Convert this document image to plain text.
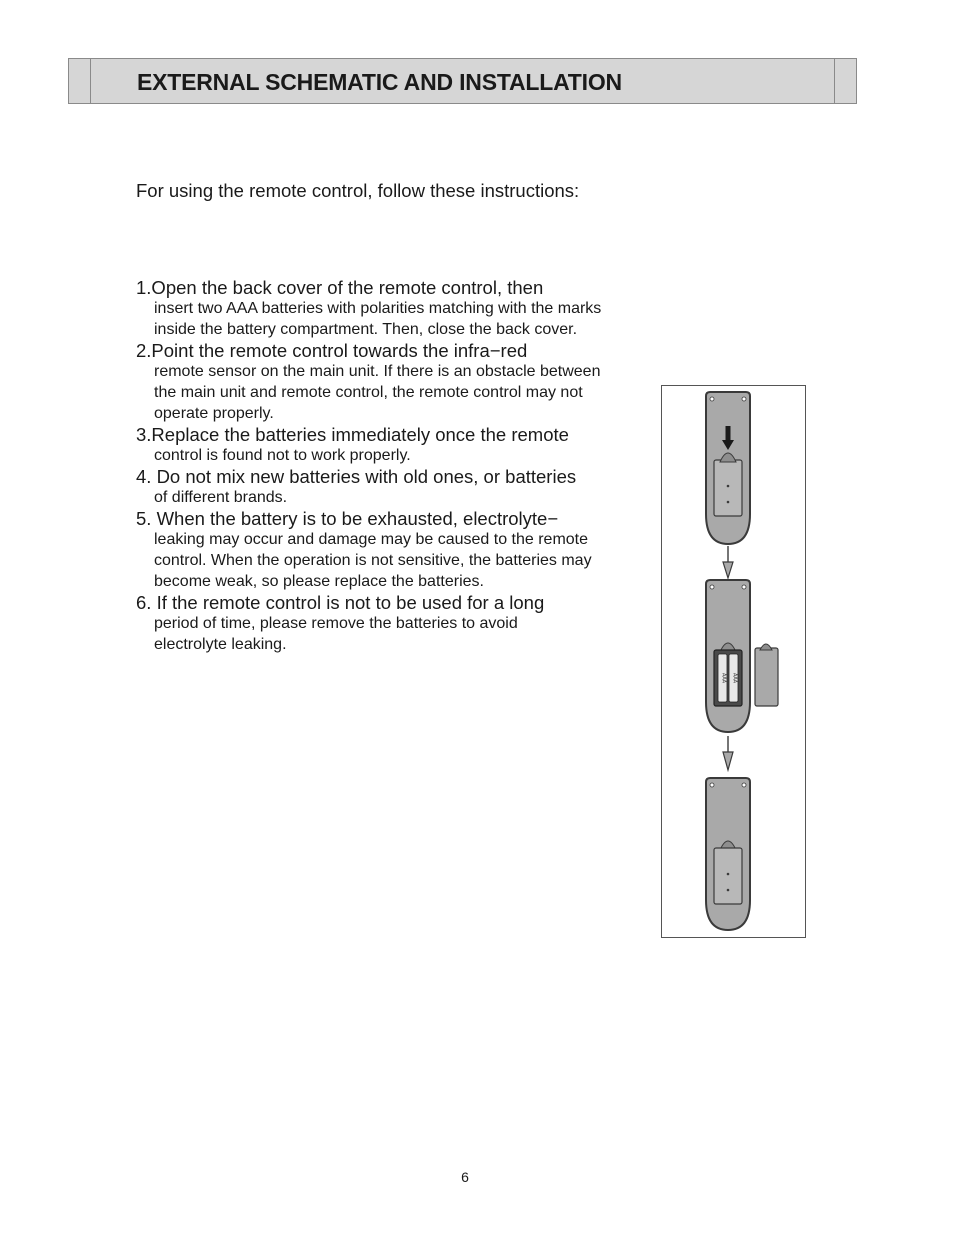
EXTERNAL SCHEMATIC AND INSTALLATION

For using the remote control, follow these instructions:

1.Open the back cover of the remote control, then
insert two AAA batteries with polarities matching with the marks inside the battery compartment. Then, close the back cover.
2.Point the remote control towards the infra−red
remote sensor on the main unit. If there is an obstacle between the main unit and remote control, the remote control may not operate properly.
3.Replace the batteries immediately once the remote
control is found not to work properly.
4. Do not mix new batteries with old ones, or batteries
of different brands.
5. When the battery is to be exhausted, electrolyte−
leaking may occur and damage may be caused to the remote control. When the operation is not sensitive, the batteries may become weak, so please replace the batteries.
6. If the remote control is not to be used for a long
period of time, please remove the batteries to avoid electrolyte leaking.
AAA AAA

6
